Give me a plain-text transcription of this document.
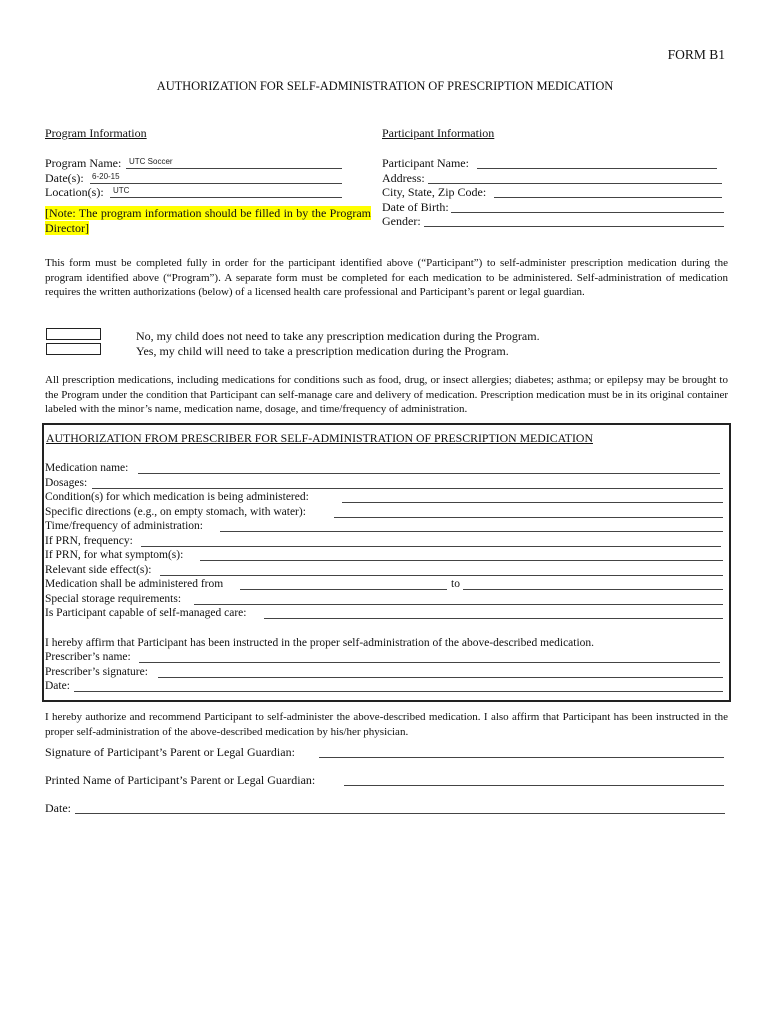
FORM B1
AUTHORIZATION FOR SELF-ADMINISTRATION OF PRESCRIPTION MEDICATION
Program Information
Program Name: UTC Soccer
Date(s): 6-20-15
Location(s): UTC
[Note: The program information should be filled in by the Program Director]
Participant Information
Participant Name:
Address:
City, State, Zip Code:
Date of Birth:
Gender:
This form must be completed fully in order for the participant identified above (“Participant”) to self-administer prescription medication during the program identified above (“Program”). A separate form must be completed for each medication to be administered. Self-administration of medication requires the written authorizations (below) of a licensed health care professional and Participant’s parent or legal guardian.
No, my child does not need to take any prescription medication during the Program.
Yes, my child will need to take a prescription medication during the Program.
All prescription medications, including medications for conditions such as food, drug, or insect allergies; diabetes; asthma; or epilepsy may be brought to the Program under the condition that Participant can self-manage care and delivery of medication. Prescription medication must be in its original container labeled with the minor’s name, medication name, dosage, and time/frequency of administration.
AUTHORIZATION FROM PRESCRIBER FOR SELF-ADMINISTRATION OF PRESCRIPTION MEDICATION
Medication name:
Dosages:
Condition(s) for which medication is being administered:
Specific directions (e.g., on empty stomach, with water):
Time/frequency of administration:
If PRN, frequency:
If PRN, for what symptom(s):
Relevant side effect(s):
Medication shall be administered from	to
Special storage requirements:
Is Participant capable of self-managed care:
I hereby affirm that Participant has been instructed in the proper self-administration of the above-described medication.
Prescriber’s name:
Prescriber’s signature:
Date:
I hereby authorize and recommend Participant to self-administer the above-described medication. I also affirm that Participant has been instructed in the proper self-administration of the above-described medication by his/her physician.
Signature of Participant’s Parent or Legal Guardian:
Printed Name of Participant’s Parent or Legal Guardian:
Date:
